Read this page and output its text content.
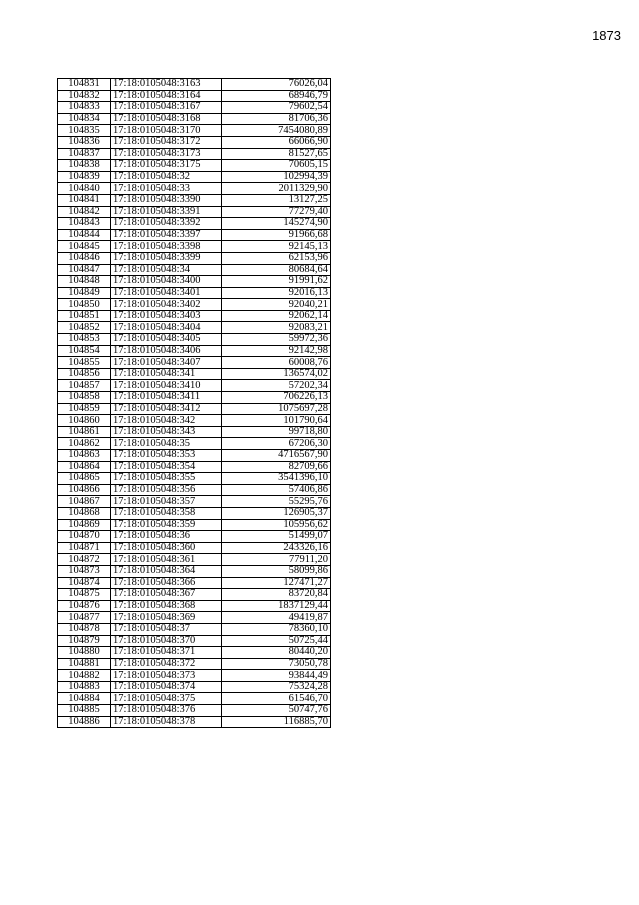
1873
104831	17:18:0105048:3163	76026,04
104832	17:18:0105048:3164	68946,79
104833	17:18:0105048:3167	79602,54
104834	17:18:0105048:3168	81706,36
104835	17:18:0105048:3170	7454080,89
104836	17:18:0105048:3172	66066,90
104837	17:18:0105048:3173	81527,65
104838	17:18:0105048:3175	70605,15
104839	17:18:0105048:32	102994,39
104840	17:18:0105048:33	2011329,90
104841	17:18:0105048:3390	13127,25
104842	17:18:0105048:3391	77279,40
104843	17:18:0105048:3392	145274,90
104844	17:18:0105048:3397	91966,68
104845	17:18:0105048:3398	92145,13
104846	17:18:0105048:3399	62153,96
104847	17:18:0105048:34	80684,64
104848	17:18:0105048:3400	91991,62
104849	17:18:0105048:3401	92016,13
104850	17:18:0105048:3402	92040,21
104851	17:18:0105048:3403	92062,14
104852	17:18:0105048:3404	92083,21
104853	17:18:0105048:3405	59972,36
104854	17:18:0105048:3406	92142,98
104855	17:18:0105048:3407	60008,76
104856	17:18:0105048:341	136574,02
104857	17:18:0105048:3410	57202,34
104858	17:18:0105048:3411	706226,13
104859	17:18:0105048:3412	1075697,28
104860	17:18:0105048:342	101790,64
104861	17:18:0105048:343	99718,80
104862	17:18:0105048:35	67206,30
104863	17:18:0105048:353	4716567,90
104864	17:18:0105048:354	82709,66
104865	17:18:0105048:355	3541396,10
104866	17:18:0105048:356	57406,86
104867	17:18:0105048:357	55295,76
104868	17:18:0105048:358	126905,37
104869	17:18:0105048:359	105956,62
104870	17:18:0105048:36	51499,07
104871	17:18:0105048:360	243326,16
104872	17:18:0105048:361	77911,20
104873	17:18:0105048:364	58099,86
104874	17:18:0105048:366	127471,27
104875	17:18:0105048:367	83720,84
104876	17:18:0105048:368	1837129,44
104877	17:18:0105048:369	49419,87
104878	17:18:0105048:37	78360,10
104879	17:18:0105048:370	50725,44
104880	17:18:0105048:371	80440,20
104881	17:18:0105048:372	73050,78
104882	17:18:0105048:373	93844,49
104883	17:18:0105048:374	75324,28
104884	17:18:0105048:375	61546,70
104885	17:18:0105048:376	50747,76
104886	17:18:0105048:378	116885,70
